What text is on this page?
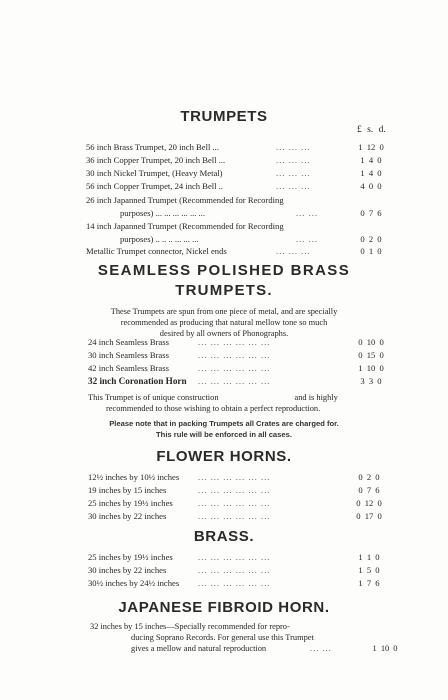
TRUMPETS
£ s. d.
56 inch Brass Trumpet, 20 inch Bell ...	... ... ...	1 12 0
36 inch Copper Trumpet, 20 inch Bell ...	... ... ...	1 4 0
30 inch Nickel Trumpet, (Heavy Metal)	... ... ...	1 4 0
56 inch Copper Trumpet, 24 inch Bell ..	... ... ...	4 0 0
26 inch Japanned Trumpet (Recommended for Recording
purposes) ... ... ... ... ... ...	... ...	0 7 6
14 inch Japanned Trumpet (Recommended for Recording
purposes) .. .. .. ... ... ...	... ...	0 2 0
Metallic Trumpet connector, Nickel ends	... ... ...	0 1 0
SEAMLESS POLISHED BRASS
TRUMPETS.
These Trumpets are spun from one piece of metal, and are specially
recommended as producing that natural mellow tone so much
desired by all owners of Phonographs.
24 inch Seamless Brass	... ... ... ... ... ...	0 10 0
30 inch Seamless Brass	... ... ... ... ... ...	0 15 0
42 inch Seamless Brass	... ... ... ... ... ...	1 10 0
32 inch Coronation Horn ... ... ... ... ... ...	3 3 0
This Trumpet is of unique construction	and is highly
recommended to those wishing to obtain a perfect reproduction.
Please note that in packing Trumpets all Crates are charged for.
This rule will be enforced in all cases.
FLOWER HORNS.
12½ inches by 10½ inches ... ... ... ... ... ...	0 2 0
19 inches by 15 inches	... ... ... ... ... ...	0 7 6
25 inches by 19½ inches	... ... ... ... ... ...	0 12 0
30 inches by 22 inches	... ... ... ... ... ...	0 17 0
BRASS.
25 inches by 19½ inches	... ... ... ... ... ...	1 1 0
30 inches by 22 inches	... ... ... ... ... ...	1 5 0
30½ inches by 24½ inches ... ... ... ... ... ...	1 7 6
JAPANESE FIBROID HORN.
32 inches by 15 inches—Specially recommended for repro-
ducing Soprano Records. For general use this Trumpet
gives a mellow and natural reproduction	... ...	1 10 0
